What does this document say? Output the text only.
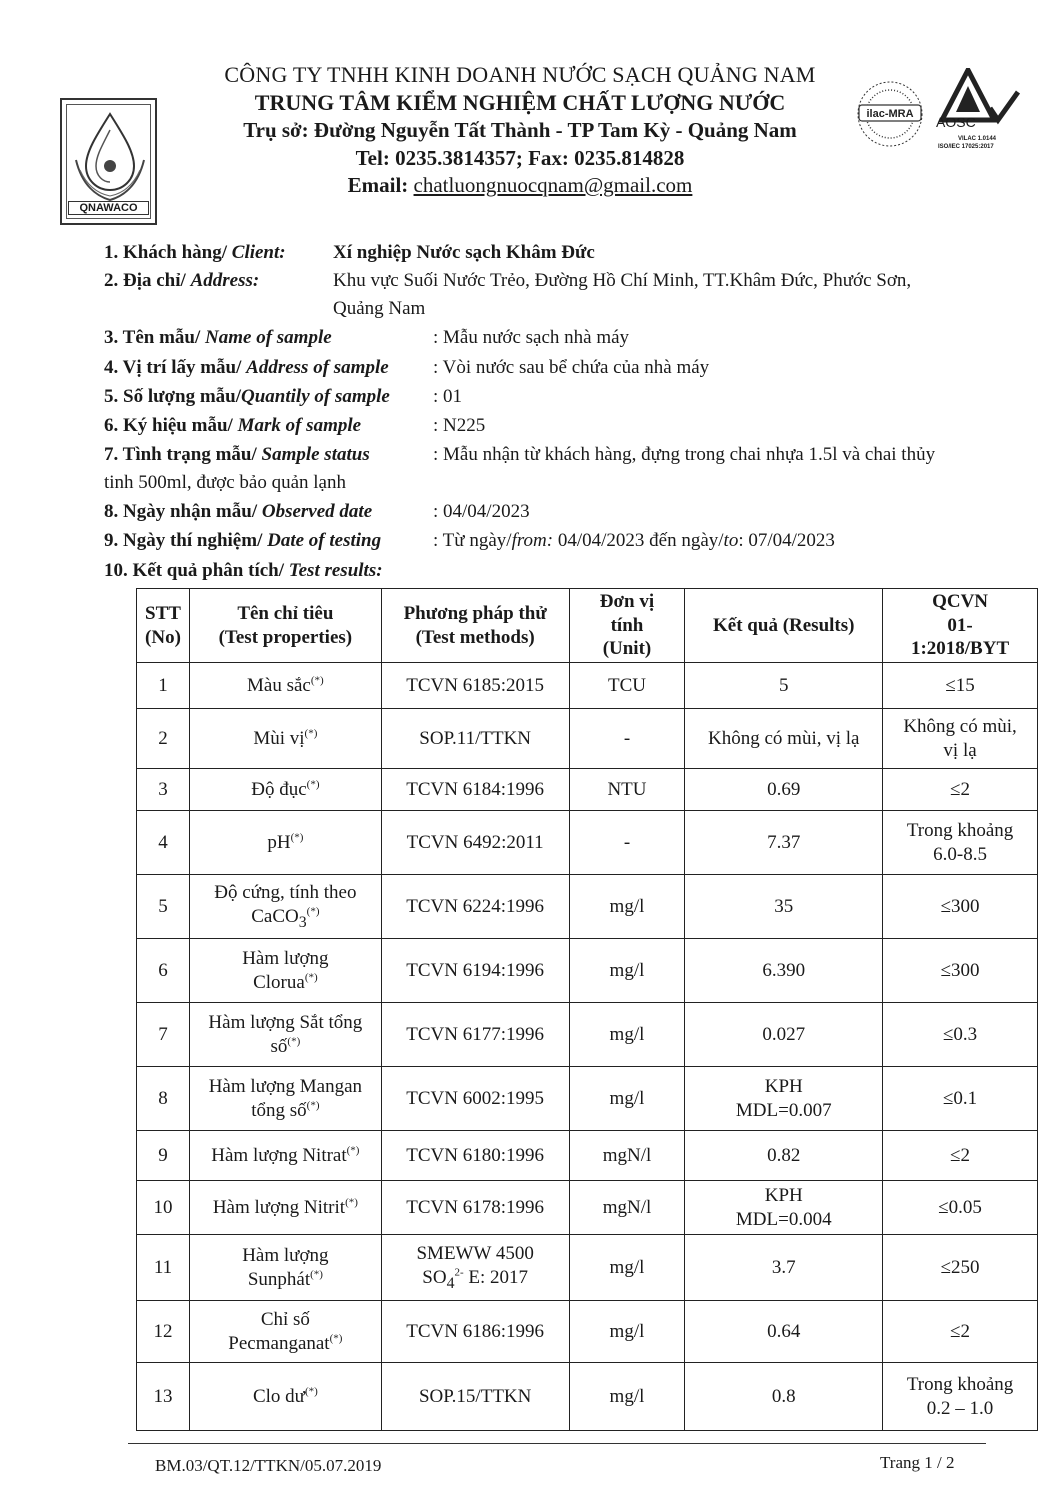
QNAWACO
CÔNG TY TNHH KINH DOANH NƯỚC SẠCH QUẢNG NAM
TRUNG TÂM KIỂM NGHIỆM CHẤT LƯỢNG NƯỚC
Trụ sở: Đường Nguyễn Tất Thành - TP Tam Kỳ - Quảng Nam
Tel: 0235.3814357; Fax: 0235.814828
Email: chatluongnuocqnam@gmail.com
ilac-MRA AOSC
VILAC 1.0144
ISO/IEC 17025:2017
1. Khách hàng/ Client: Xí nghiệp Nước sạch Khâm Đức
2. Địa chỉ/ Address:	Khu vực Suối Nước Trẻo, Đường Hồ Chí Minh, TT.Khâm Đức, Phước Sơn,
Quảng Nam
3. Tên mẫu/ Name of sample	: Mẫu nước sạch nhà máy
4. Vị trí lấy mẫu/ Address of sample : Vòi nước sau bể chứa của nhà máy
5. Số lượng mẫu/Quantily of sample : 01
6. Ký hiệu mẫu/ Mark of sample	: N225
7. Tình trạng mẫu/ Sample status	: Mẫu nhận từ khách hàng, đựng trong chai nhựa 1.5l và chai thủy
tinh 500ml, được bảo quản lạnh
8. Ngày nhận mẫu/ Observed date	: 04/04/2023
9. Ngày thí nghiệm/ Date of testing	: Từ ngày/from: 04/04/2023 đến ngày/to: 07/04/2023
10. Kết quả phân tích/ Test results:
STT
(No)	Tên chỉ tiêu
(Test properties)	Phương pháp thử
(Test methods)	Đơn vị
tính
(Unit)	Kết quả (Results)	QCVN
01-
1:2018/BYT
1	Màu sắc(*)	TCVN 6185:2015	TCU	5	≤15
2	Mùi vị(*)	SOP.11/TTKN	-	Không có mùi, vị lạ	Không có mùi,
vị lạ
3	Độ đục(*)	TCVN 6184:1996	NTU	0.69	≤2
4	pH(*)	TCVN 6492:2011	-	7.37	Trong khoảng
6.0-8.5
5	Độ cứng, tính theo
CaCO$_3$(*)	TCVN 6224:1996	mg/l	35	≤300
6	Hàm lượng
Clorua(*)	TCVN 6194:1996	mg/l	6.390	≤300
7	Hàm lượng Sắt tổng
số(*)	TCVN 6177:1996	mg/l	0.027	≤0.3
8	Hàm lượng Mangan
tổng số(*)	TCVN 6002:1995	mg/l	KPH
MDL=0.007	≤0.1
9	Hàm lượng Nitrat(*)	TCVN 6180:1996	mgN/l	0.82	≤2
10	Hàm lượng Nitrit(*)	TCVN 6178:1996	mgN/l	KPH
MDL=0.004	≤0.05
11	Hàm lượng
Sunphát(*)	SMEWW 4500
$SO_4^{2-}$ E: 2017	mg/l	3.7	≤250
12	Chỉ số
Pecmanganat(*)	TCVN 6186:1996	mg/l	0.64	≤2
13	Clo dư(*)	SOP.15/TTKN	mg/l	0.8	Trong khoảng
0.2 – 1.0
BM.03/QT.12/TTKN/05.07.2019	Trang 1 / 2
